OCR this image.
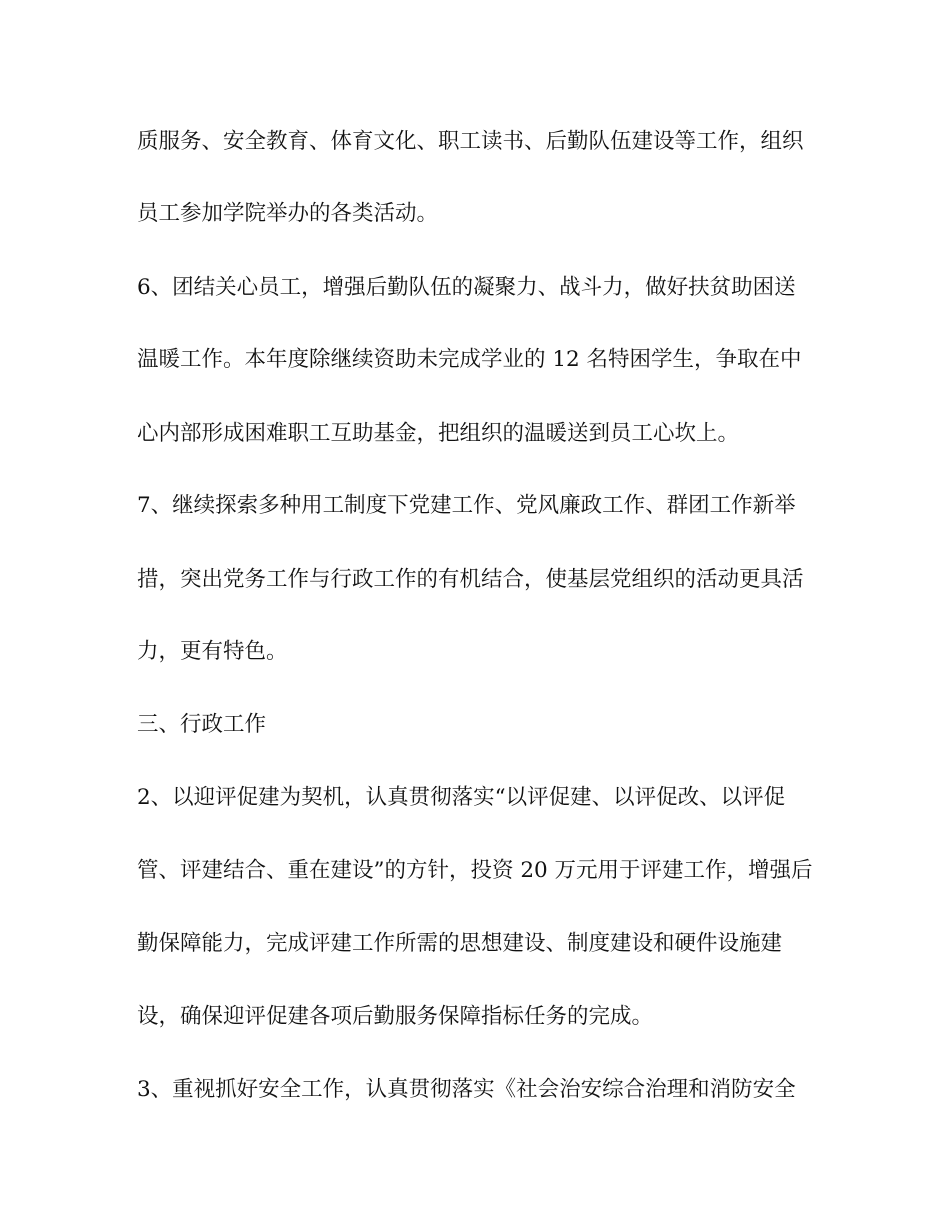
质服务、安全教育、体育文化、职工读书、后勤队伍建设等工作，组织
员工参加学院举办的各类活动。
6、团结关心员工，增强后勤队伍的凝聚力、战斗力，做好扶贫助困送
温暖工作。本年度除继续资助未完成学业的 12 名特困学生，争取在中
心内部形成困难职工互助基金，把组织的温暖送到员工心坎上。
7、继续探索多种用工制度下党建工作、党风廉政工作、群团工作新举
措，突出党务工作与行政工作的有机结合，使基层党组织的活动更具活
力，更有特色。
三、行政工作
2、以迎评促建为契机，认真贯彻落实“以评促建、以评促改、以评促
管、评建结合、重在建设”的方针，投资 20 万元用于评建工作，增强后
勤保障能力，完成评建工作所需的思想建设、制度建设和硬件设施建
设，确保迎评促建各项后勤服务保障指标任务的完成。
3、重视抓好安全工作，认真贯彻落实《社会治安综合治理和消防安全
